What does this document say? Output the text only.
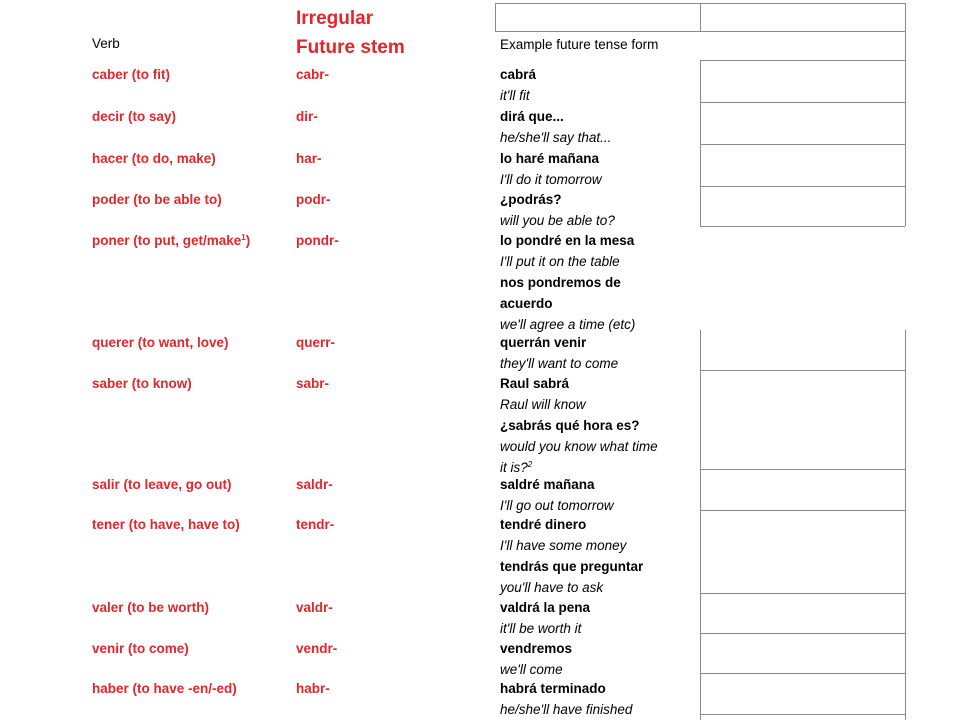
Verb
Irregular
Future stem	Example future tense form
caber (to fit)	cabr-	cabrá
it'll fit
decir (to say)	dir-	dirá que...
he/she'll say that...
hacer (to do, make)	har-	lo haré mañana
I'll do it tomorrow
poder (to be able to)	podr-	¿podrás?
will you be able to?
poner (to put, get/make$^1$)	pondr-	lo pondré en la mesa
I'll put it on the table
nos pondremos de
acuerdo
we'll agree a time (etc)
querer (to want, love)	querr-	querrán venir
they'll want to come
saber (to know)	sabr-	Raul sabrá
Raul will know
¿sabrás qué hora es?
would you know what time
it is?$^2$
salir (to leave, go out)	saldr-	saldré mañana
I'll go out tomorrow
tener (to have, have to)	tendr-	tendré dinero
I'll have some money
tendrás que preguntar
you'll have to ask
valer (to be worth)	valdr-	valdrá la pena
it'll be worth it
venir (to come)	vendr-	vendremos
we'll come
haber (to have -en/-ed)	habr-	habrá terminado
he/she'll have finished
